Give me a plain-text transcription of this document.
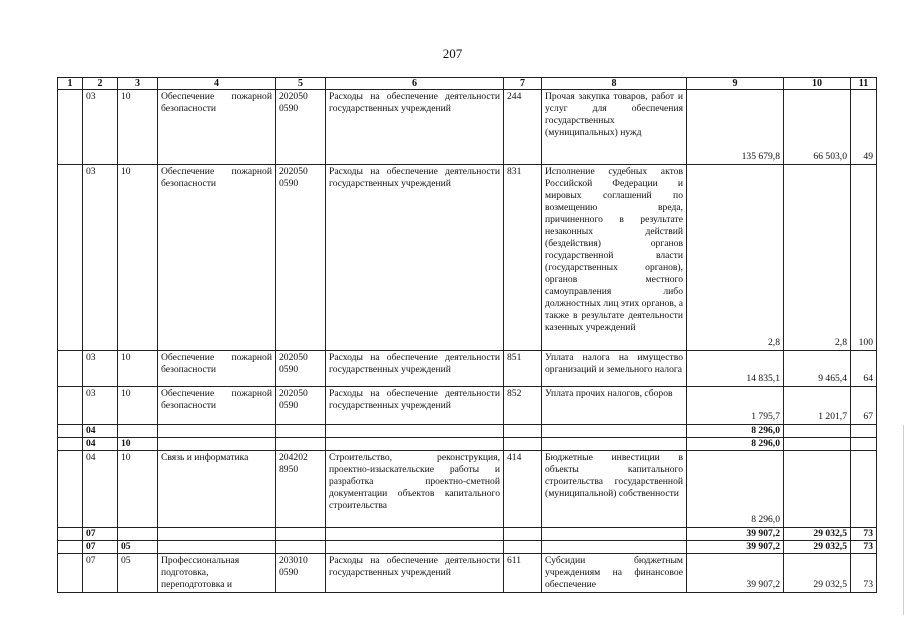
207
1	2	3	4	5	6	7	8	9	10	11
	03	10	Обеспечение пожарной безопасности	202050 0590	Расходы на обеспечение деятельности государственных учреждений	244	Прочая закупка товаров, работ и услуг для обеспечения государственных (муниципальных) нужд	135 679,8	66 503,0	49
	03	10	Обеспечение пожарной безопасности	202050 0590	Расходы на обеспечение деятельности государственных учреждений	831	Исполнение судебных актов Российской Федерации и мировых соглашений по возмещению вреда, причиненного в результате незаконных действий (бездействия) органов государственной власти (государственных органов), органов местного самоуправления либо должностных лиц этих органов, а также в результате деятельности казенных учреждений	2,8	2,8	100
	03	10	Обеспечение пожарной безопасности	202050 0590	Расходы на обеспечение деятельности государственных учреждений	851	Уплата налога на имущество организаций и земельного налога	14 835,1	9 465,4	64
	03	10	Обеспечение пожарной безопасности	202050 0590	Расходы на обеспечение деятельности государственных учреждений	852	Уплата прочих налогов, сборов	1 795,7	1 201,7	67
	04							8 296,0		
	04	10						8 296,0		
	04	10	Связь и информатика	204202 8950	Строительство, реконструкция, проектно-изыскательские работы и разработка проектно-сметной документации объектов капитального строительства	414	Бюджетные инвестиции в объекты капитального строительства государственной (муниципальной) собственности	8 296,0		
	07							39 907,2	29 032,5	73
	07	05						39 907,2	29 032,5	73
	07	05	Профессиональная подготовка, переподготовка и	203010 0590	Расходы на обеспечение деятельности государственных учреждений	611	Субсидии бюджетным учреждениям на финансовое обеспечение	39 907,2	29 032,5	73
